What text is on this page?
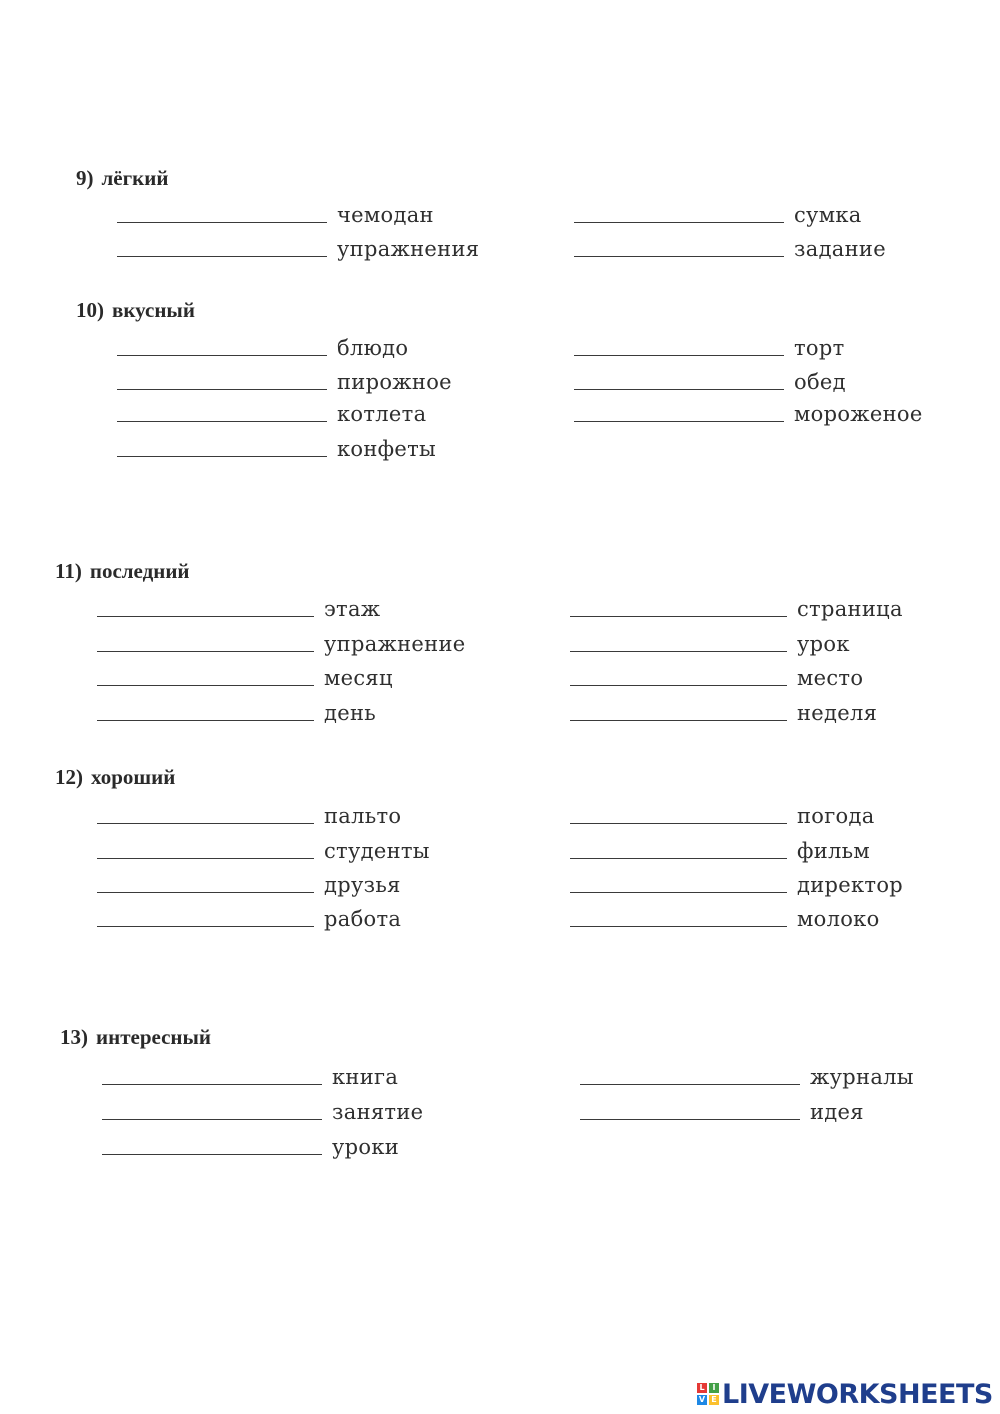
9) лёгкий
чемодан
упражнения
сумка
задание
10) вкусный
блюдо
пирожное
котлета
конфеты
торт
обед
мороженое
11) последний
этаж
упражнение
месяц
день
страница
урок
место
неделя
12) хороший
пальто
студенты
друзья
работа
погода
фильм
директор
молоко
13) интересный
книга
занятие
уроки
журналы
идея
L I
V E LIVEWORKSHEETS
